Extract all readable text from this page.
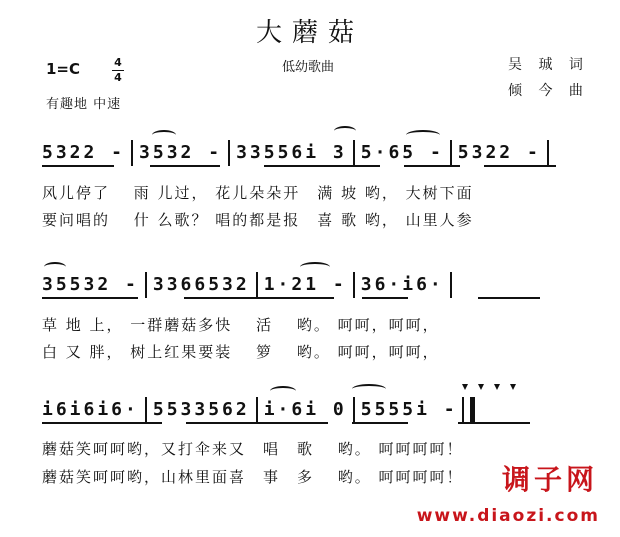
大蘑菇
1=C	4
4
低幼歌曲	吴 珹 词
倾 今 曲
有趣地 中速
5322 - 3532 - 33556i 3 5·65 - 5322 -
风儿停了　 雨 儿过， 花儿朵朵开　满 坡 哟， 大树下面
要问唱的　 什 么歌？ 唱的都是报　喜 歌 哟， 山里人参
35532 - 3366532 1·21 - 36·i6·
草 地 上， 一群蘑菇多快　 活　 哟。 呵呵，呵呵，
白 又 胖， 树上红果要装　 箩　 哟。 呵呵，呵呵，
i6i6i6· 5533562 i·6i 0 5555i -
蘑菇笑呵呵哟，又打伞来又　唱　歌　 哟。 呵呵呵呵！
蘑菇笑呵呵哟，山林里面喜　事　多　 哟。 呵呵呵呵！ 调子网
www.diaozi.com
